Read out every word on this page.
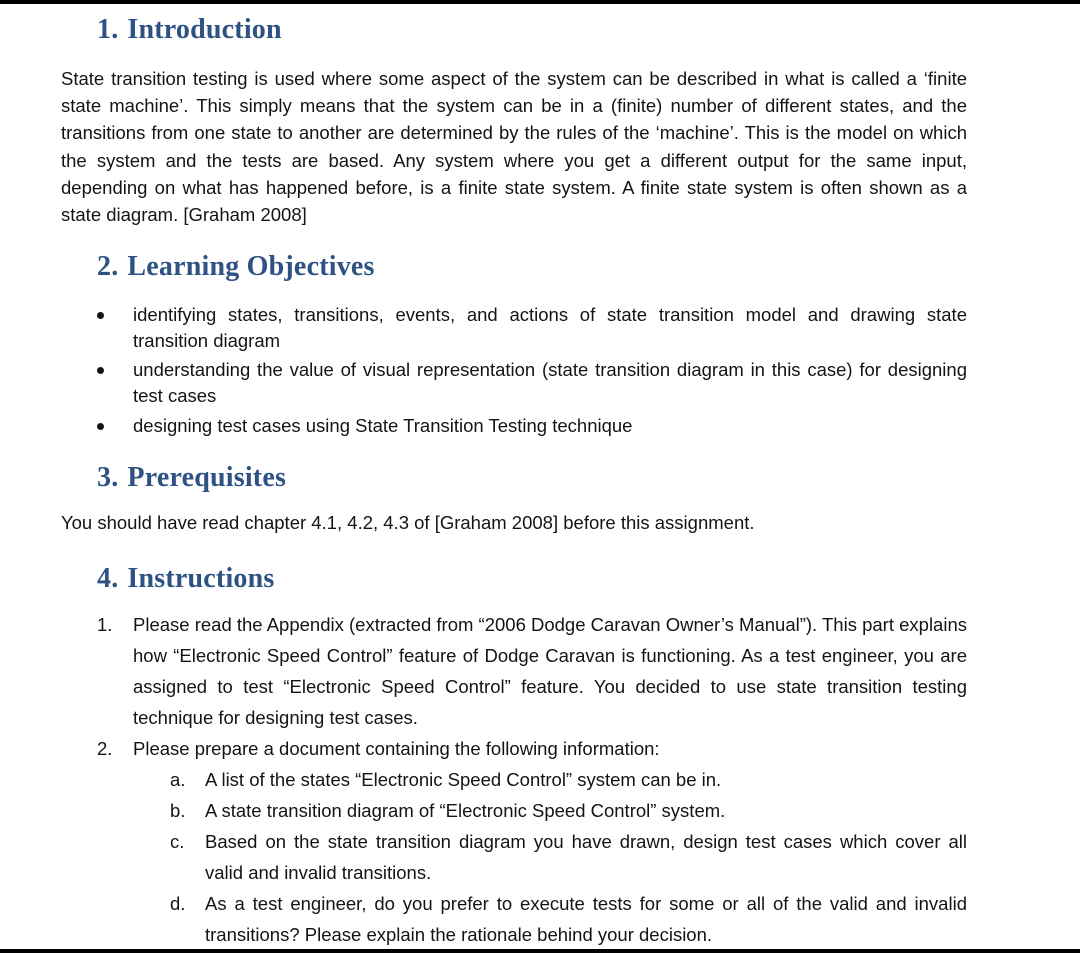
1. Introduction
State transition testing is used where some aspect of the system can be described in what is called a ‘finite state machine’. This simply means that the system can be in a (finite) number of different states, and the transitions from one state to another are determined by the rules of the ‘machine’. This is the model on which the system and the tests are based. Any system where you get a different output for the same input, depending on what has happened before, is a finite state system. A finite state system is often shown as a state diagram. [Graham 2008]
2. Learning Objectives
identifying states, transitions, events, and actions of state transition model and drawing state transition diagram
understanding the value of visual representation (state transition diagram in this case) for designing test cases
designing test cases using State Transition Testing technique
3. Prerequisites
You should have read chapter 4.1, 4.2, 4.3 of [Graham 2008] before this assignment.
4. Instructions
1. Please read the Appendix (extracted from “2006 Dodge Caravan Owner’s Manual”). This part explains how “Electronic Speed Control” feature of Dodge Caravan is functioning. As a test engineer, you are assigned to test “Electronic Speed Control” feature. You decided to use state transition testing technique for designing test cases.
2. Please prepare a document containing the following information:
a. A list of the states “Electronic Speed Control” system can be in.
b. A state transition diagram of “Electronic Speed Control” system.
c. Based on the state transition diagram you have drawn, design test cases which cover all valid and invalid transitions.
d. As a test engineer, do you prefer to execute tests for some or all of the valid and invalid transitions? Please explain the rationale behind your decision.
